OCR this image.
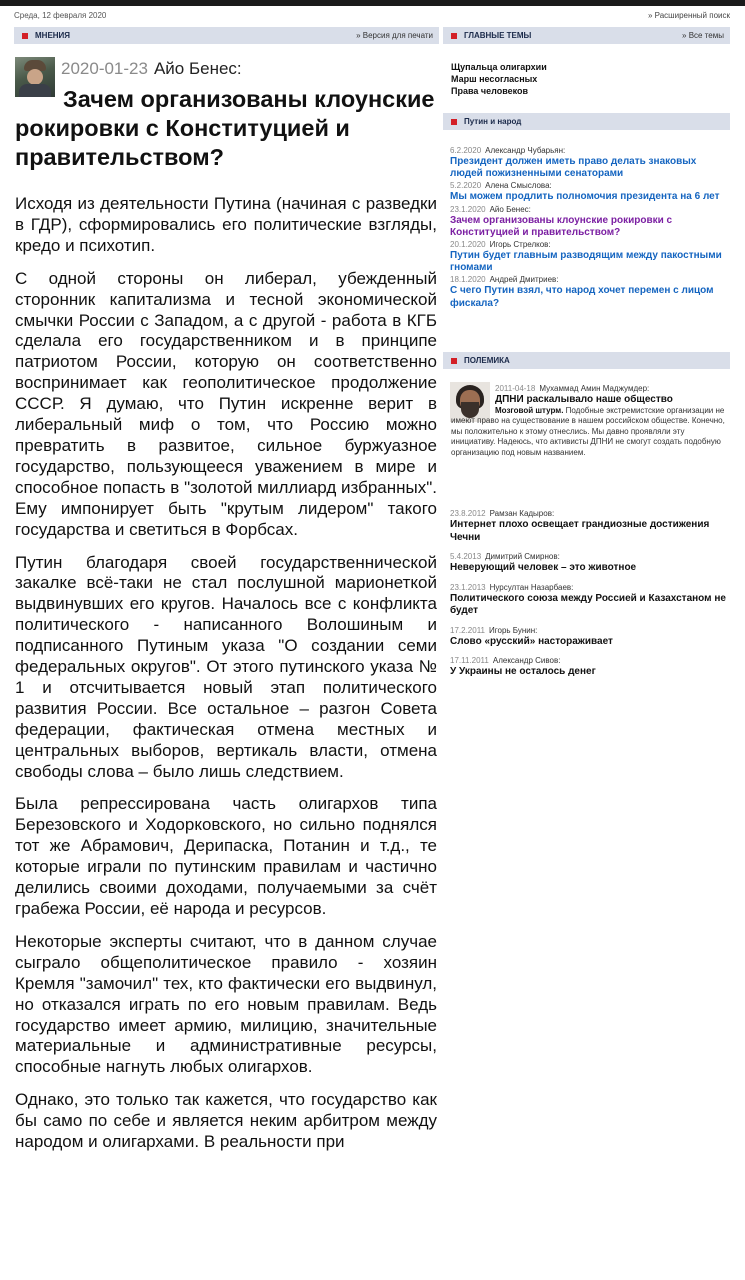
Среда, 12 февраля 2020	» Расширенный поиск
МНЕНИЯ	» Версия для печати	ГЛАВНЫЕ ТЕМЫ	» Все темы
2020-01-23 Айо Бенес:
Зачем организованы клоунские рокировки с Конституцией и правительством?

Исходя из деятельности Путина (начиная с разведки в ГДР), сформировались его политические взгляды, кредо и психотип.

С одной стороны он либерал, убежденный сторонник капитализма и тесной экономической смычки России с Западом, а с другой - работа в КГБ сделала его государственником и в принципе патриотом России, которую он соответственно воспринимает как геополитическое продолжение СССР. Я думаю, что Путин искренне верит в либеральный миф о том, что Россию можно превратить в развитое, сильное буржуазное государство, пользующееся уважением в мире и способное попасть в "золотой миллиард избранных". Ему импонирует быть "крутым лидером" такого государства и светиться в Форбсах.

Путин благодаря своей государственнической закалке всё-таки не стал послушной марионеткой выдвинувших его кругов. Началось все с конфликта политического - написанного Волошиным и подписанного Путиным указа "О создании семи федеральных округов". От этого путинского указа № 1 и отсчитывается новый этап политического развития России. Все остальное – разгон Совета федерации, фактическая отмена местных и центральных выборов, вертикаль власти, отмена свободы слова – было лишь следствием.

Была репрессирована часть олигархов типа Березовского и Ходорковского, но сильно поднялся тот же Абрамович, Дерипаска, Потанин и т.д., те которые играли по путинским правилам и частично делились своими доходами, получаемыми за счёт грабежа России, её народа и ресурсов.

Некоторые эксперты считают, что в данном случае сыграло общеполитическое правило - хозяин Кремля "замочил" тех, кто фактически его выдвинул, но отказался играть по его новым правилам. Ведь государство имеет армию, милицию, значительные материальные и административные ресурсы, способные нагнуть любых олигархов.

Однако, это только так кажется, что государство как бы само по себе и является неким арбитром между народом и олигархами. В реальности при

Щупальца олигархии
Марш несогласных
Права человеков
Путин и народ
6.2.2020 Александр Чубарьян:
Президент должен иметь право делать знаковых людей пожизненными сенаторами
5.2.2020 Алена Смыслова:
Мы можем продлить полномочия президента на 6 лет
23.1.2020 Айо Бенес:
Зачем организованы клоунские рокировки с Конституцией и правительством?
20.1.2020 Игорь Стрелков:
Путин будет главным разводящим между пакостными гномами
18.1.2020 Андрей Дмитриев:
С чего Путин взял, что народ хочет перемен с лицом фискала?
ПОЛЕМИКА
2011-04-18 Мухаммад Амин Маджумдер:
ДПНИ раскалывало наше общество
Мозговой штурм. Подобные экстремистские организации не имеют право на существование в нашем российском обществе. Конечно, мы положительно к этому отнеслись. Мы давно проявляли эту инициативу. Надеюсь, что активисты ДПНИ не смогут создать подобную организацию под новым названием.
23.8.2012 Рамзан Кадыров:
Интернет плохо освещает грандиозные достижения Чечни
5.4.2013 Димитрий Смирнов:
Неверующий человек – это животное
23.1.2013 Нурсултан Назарбаев:
Политического союза между Россией и Казахстаном не будет
17.2.2011 Игорь Бунин:
Слово «русский» настораживает
17.11.2011 Александр Сивов:
У Украины не осталось денег
